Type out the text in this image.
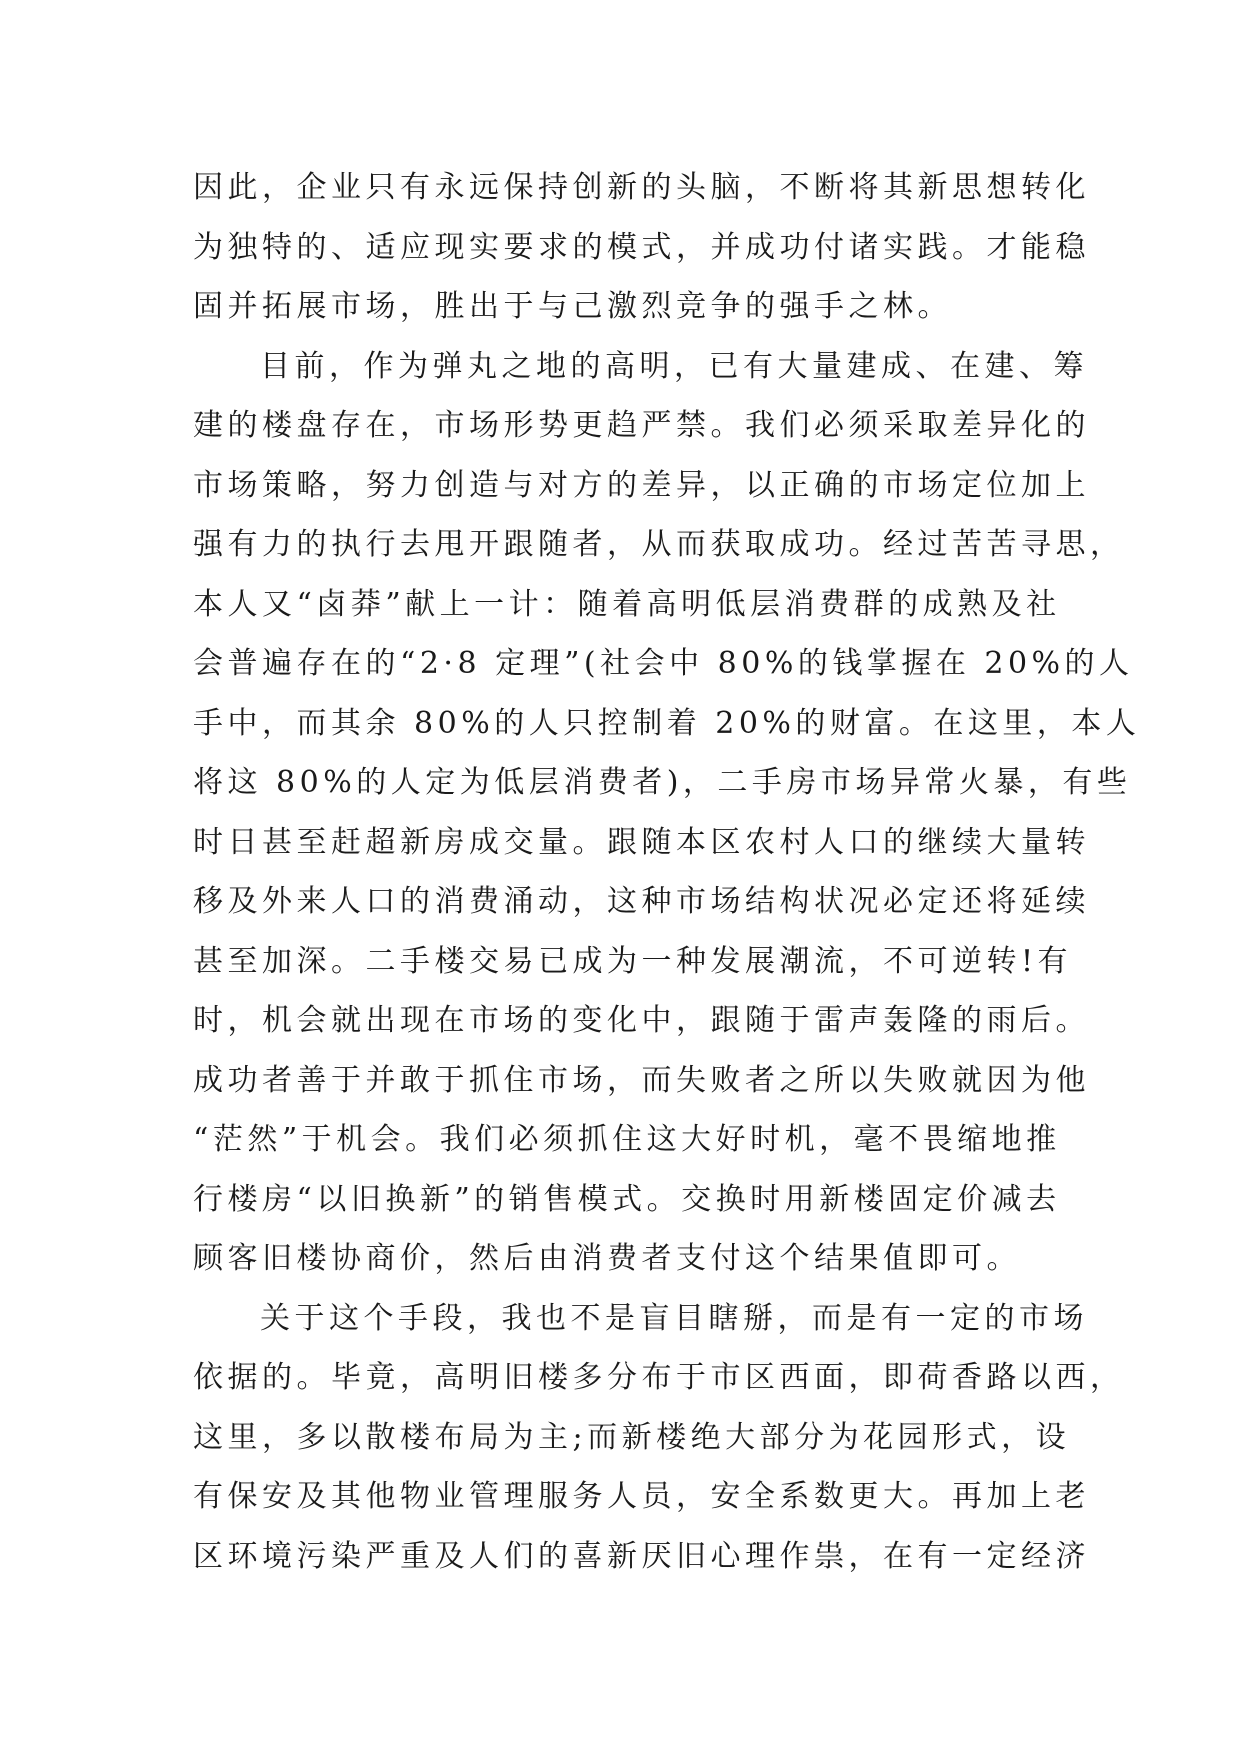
因此，企业只有永远保持创新的头脑，不断将其新思想转化
为独特的、适应现实要求的模式，并成功付诸实践。才能稳
固并拓展市场，胜出于与己激烈竞争的强手之林。
目前，作为弹丸之地的高明，已有大量建成、在建、筹
建的楼盘存在，市场形势更趋严禁。我们必须采取差异化的
市场策略，努力创造与对方的差异，以正确的市场定位加上
强有力的执行去甩开跟随者，从而获取成功。经过苦苦寻思，
本人又“卤莽”献上一计：随着高明低层消费群的成熟及社
会普遍存在的“2·8 定理”(社会中 80%的钱掌握在 20%的人
手中，而其余 80%的人只控制着 20%的财富。在这里，本人
将这 80%的人定为低层消费者)，二手房市场异常火暴，有些
时日甚至赶超新房成交量。跟随本区农村人口的继续大量转
移及外来人口的消费涌动，这种市场结构状况必定还将延续
甚至加深。二手楼交易已成为一种发展潮流，不可逆转!有
时，机会就出现在市场的变化中，跟随于雷声轰隆的雨后。
成功者善于并敢于抓住市场，而失败者之所以失败就因为他
“茫然”于机会。我们必须抓住这大好时机，毫不畏缩地推
行楼房“以旧换新”的销售模式。交换时用新楼固定价减去
顾客旧楼协商价，然后由消费者支付这个结果值即可。
关于这个手段，我也不是盲目瞎掰，而是有一定的市场
依据的。毕竟，高明旧楼多分布于市区西面，即荷香路以西，
这里，多以散楼布局为主;而新楼绝大部分为花园形式，设
有保安及其他物业管理服务人员，安全系数更大。再加上老
区环境污染严重及人们的喜新厌旧心理作祟，在有一定经济
